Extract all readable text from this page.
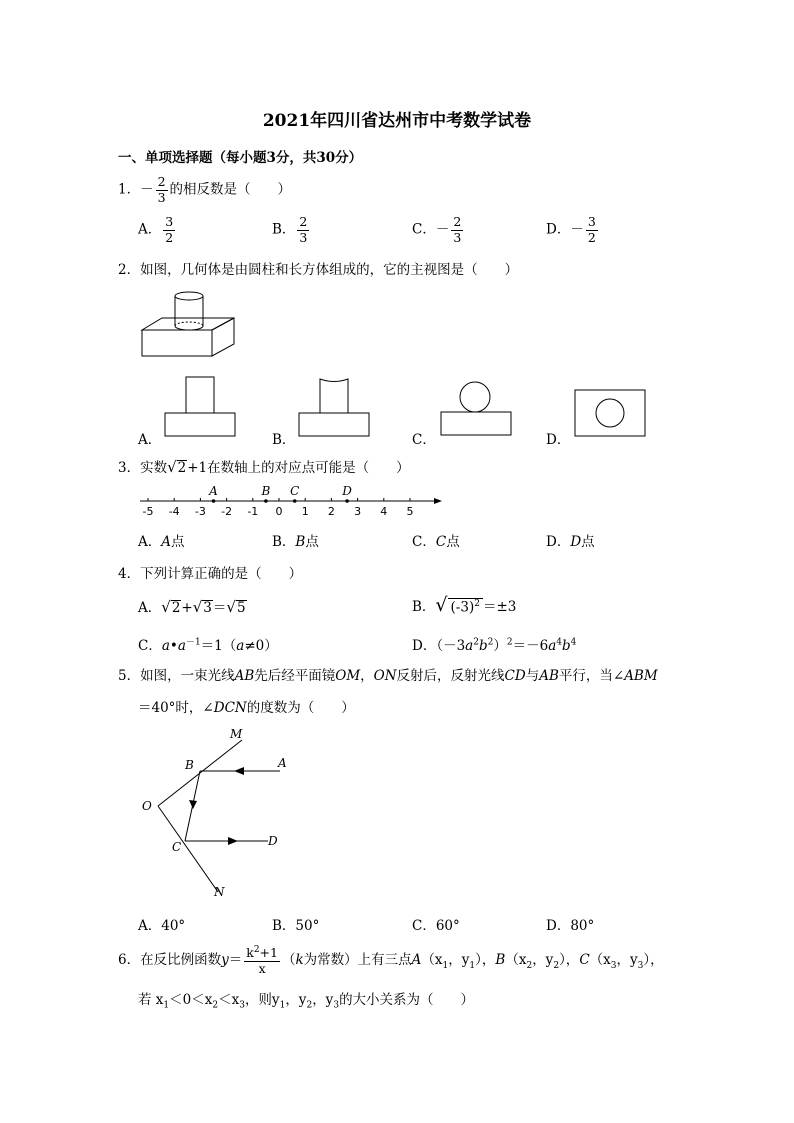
2021年四川省达州市中考数学试卷
一、单项选择题（每小题3分，共30分）
1．－ $\frac{2}{3}$ 的相反数是（　　）
A． $\frac{3}{2}$	B． $\frac{2}{3}$	C．－ $\frac{2}{3}$	D．－ $\frac{3}{2}$
2．如图，几何体是由圆柱和长方体组成的，它的主视图是（　　）
A．	B．	C．	D．
3．实数√2+1在数轴上的对应点可能是（　　）
-5 -4 -3 -2 -1 0 1 2 3 4 5
A	B C	D
A．A点	B．B点	C．C点	D．D点
4．下列计算正确的是（　　）
A．√2+√3＝√5	B．√ $(-3)^2 =\pm 3$
C．$a•a^{-1}=1(a\ne 0)$	D．$(-3a^2b^2)^2=-6a^4b^4$
5．如图，一束光线AB先后经平面镜OM，ON反射后，反射光线CD与AB平行，当∠ABM
＝40°时，∠DCN的度数为（　　）
M
B	A
O
C	D
N
A．40°	B．50°	C．60°	D．80°
6．在反比例函数$y= \frac{k^2+1}{x} (k$为常数）上有三点$A(x_1$，$y_1$），$B(x_2$，$y_2$），$C(x_3$，$y_3$），
若 $x_1<0<x_2<x_3$，则$y_1$，$y_2$，$y_3$的大小关系为（　　）
